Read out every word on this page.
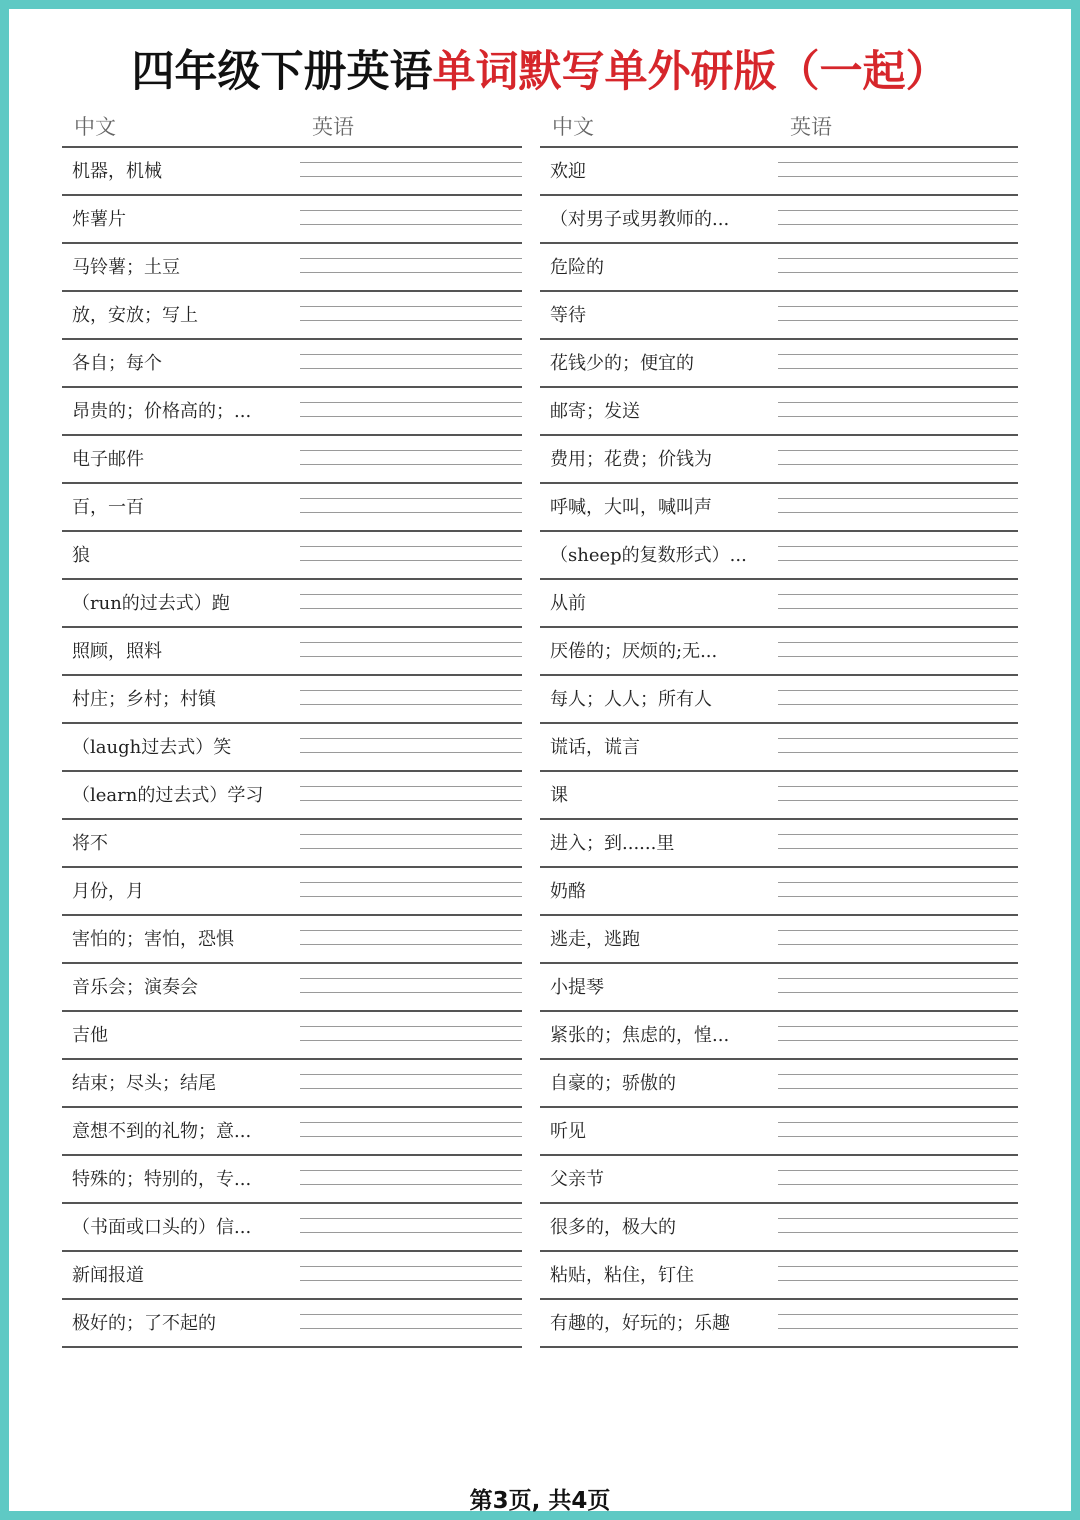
四年级下册英语单词默写单外研版（一起）
中文	英语
机器，机械
炸薯片
马铃薯；土豆
放，安放；写上
各自；每个
昂贵的；价格高的；...
电子邮件
百，一百
狼
（run的过去式）跑
照顾，照料
村庄；乡村；村镇
（laugh过去式）笑
（learn的过去式）学习
将不
月份，月
害怕的；害怕，恐惧
音乐会；演奏会
吉他
结束；尽头；结尾
意想不到的礼物；意...
特殊的；特别的，专...
（书面或口头的）信...
新闻报道
极好的；了不起的
中文	英语
欢迎
（对男子或男教师的...
危险的
等待
花钱少的；便宜的
邮寄；发送
费用；花费；价钱为
呼喊，大叫，喊叫声
（sheep的复数形式）...
从前
厌倦的；厌烦的;无...
每人；人人；所有人
谎话，谎言
课
进入；到......里
奶酪
逃走，逃跑
小提琴
紧张的；焦虑的，惶...
自豪的；骄傲的
听见
父亲节
很多的，极大的
粘贴，粘住，钉住
有趣的，好玩的；乐趣
第3页, 共4页
